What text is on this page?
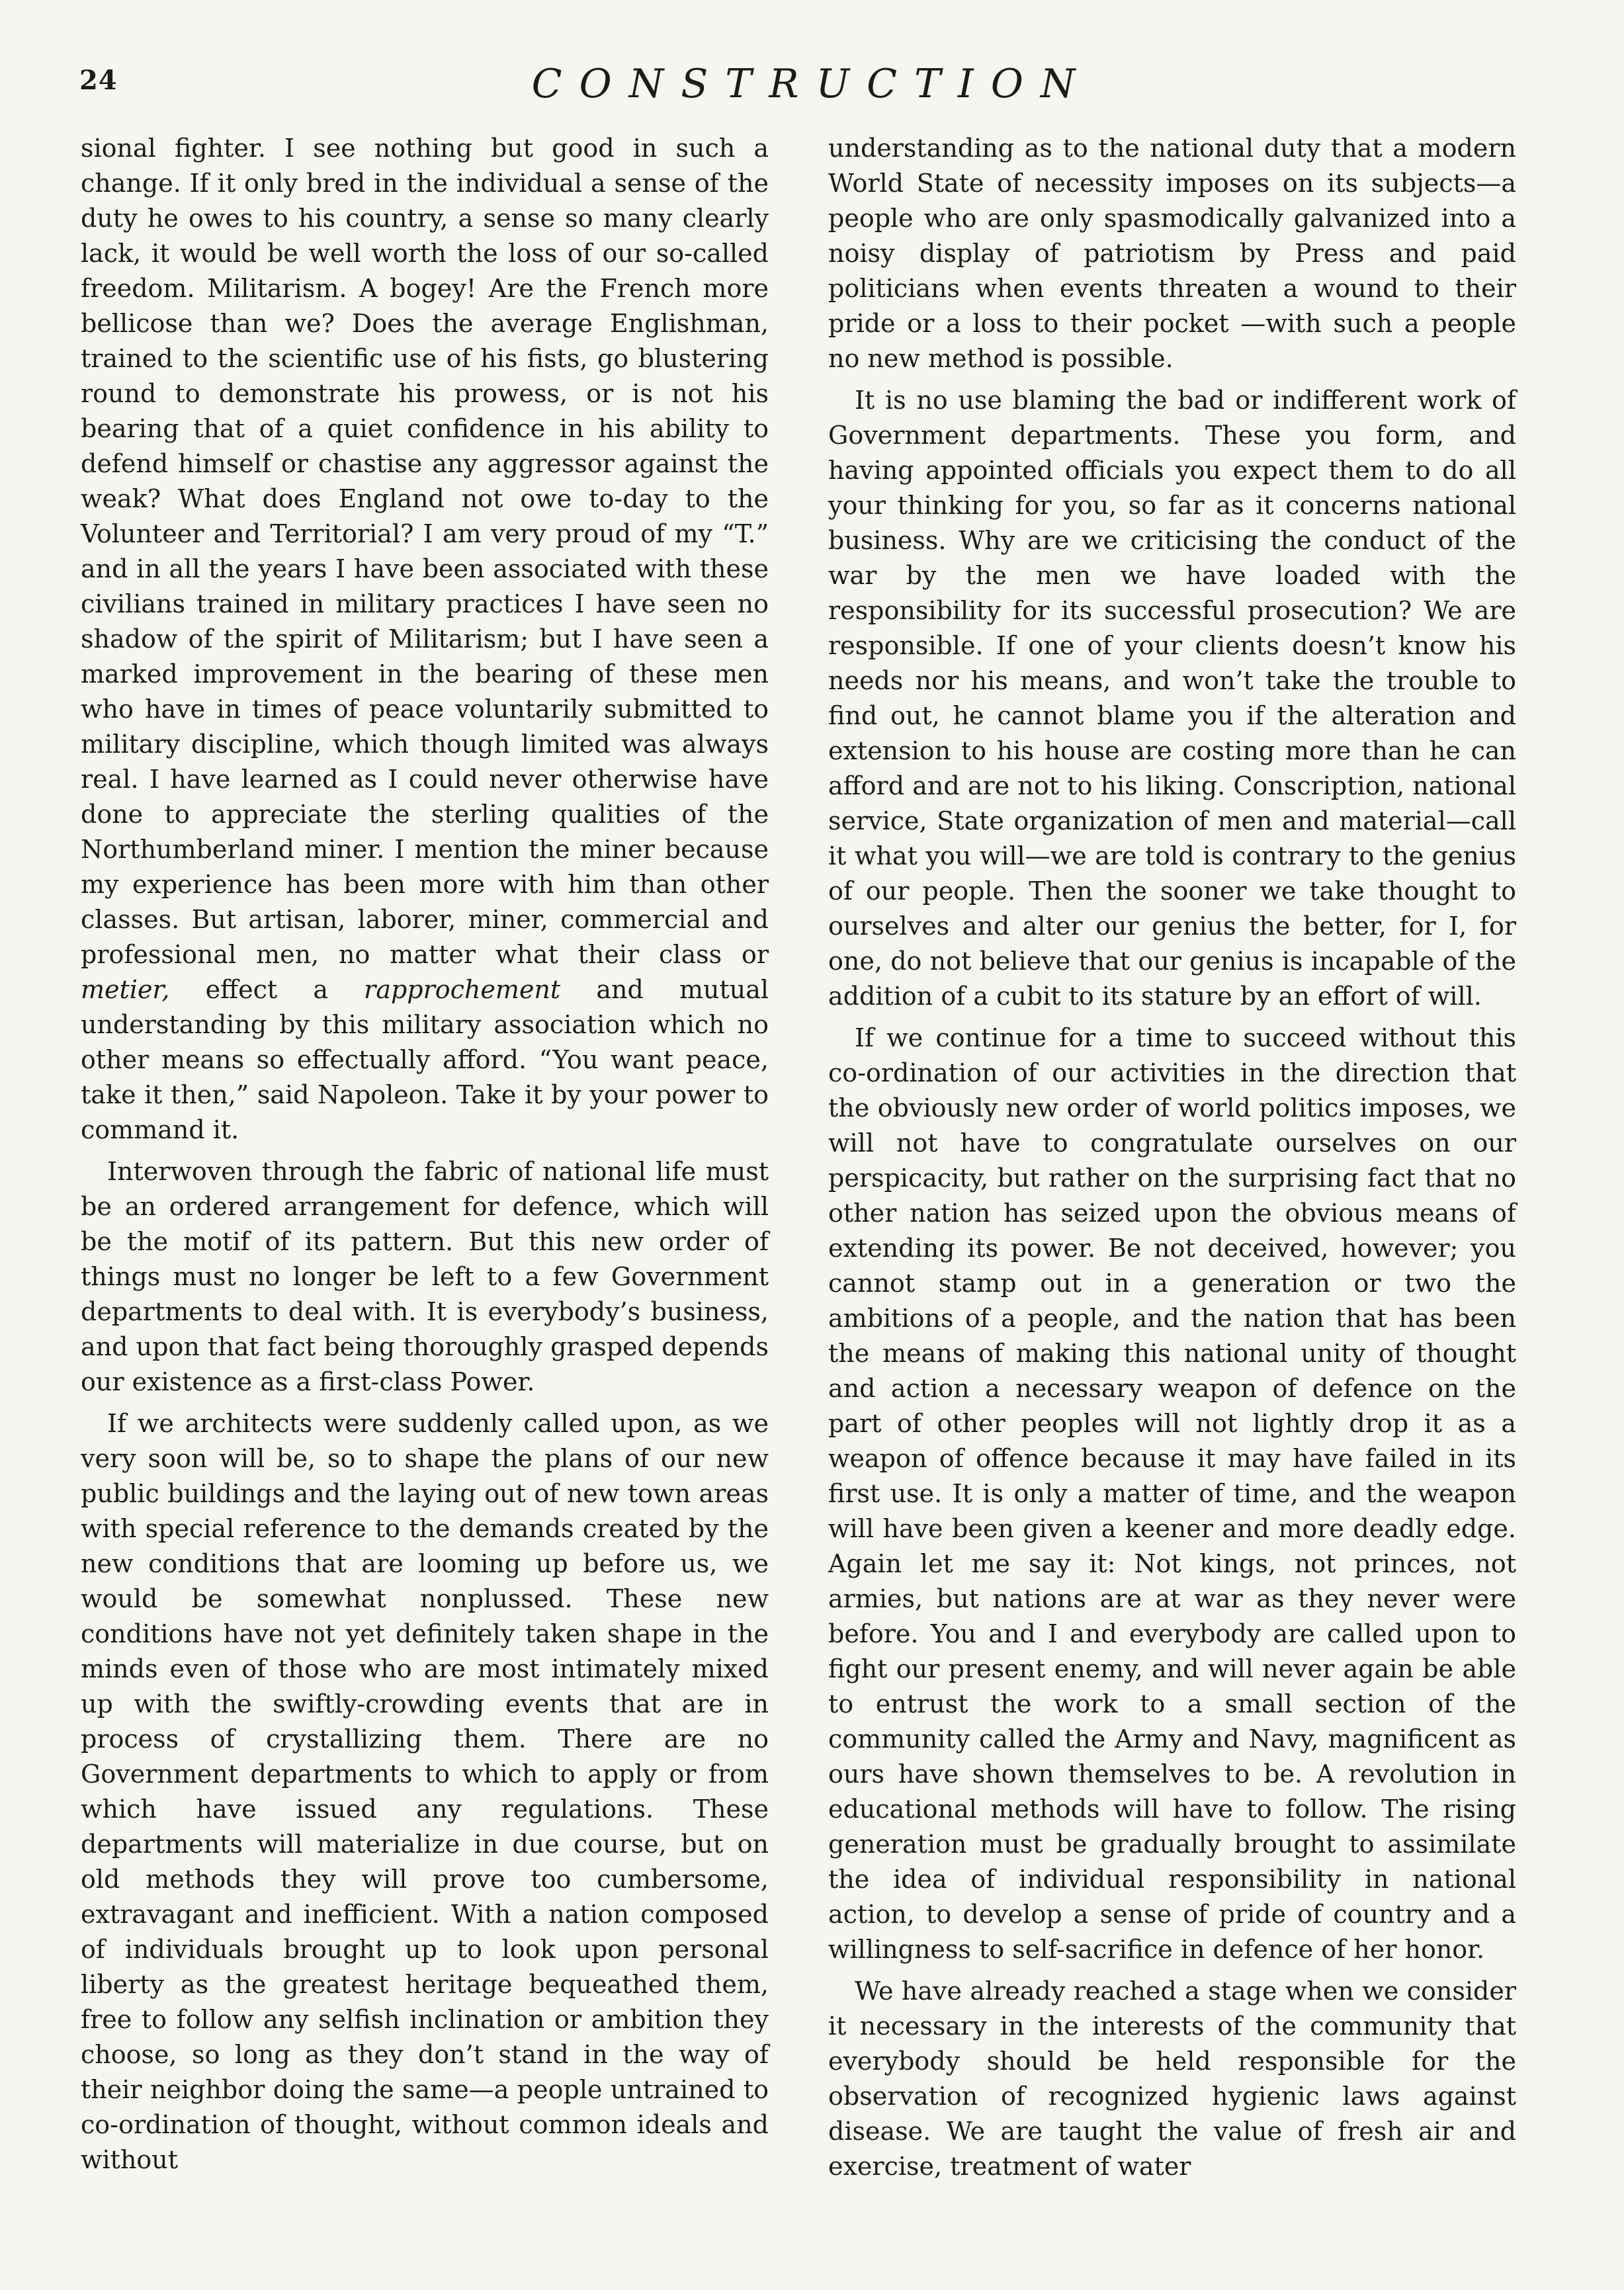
24	CONSTRUCTION

sional fighter. I see nothing but good in such a change. If it only bred in the individual a sense of the duty he owes to his country, a sense so many clearly lack, it would be well worth the loss of our so-called freedom. Militarism. A bogey! Are the French more bellicose than we? Does the average Englishman, trained to the scientific use of his fists, go blustering round to demonstrate his prowess, or is not his bearing that of a quiet confidence in his ability to defend himself or chastise any aggressor against the weak? What does England not owe to-day to the Volunteer and Territorial? I am very proud of my “T.” and in all the years I have been associated with these civilians trained in military practices I have seen no shadow of the spirit of Militarism; but I have seen a marked improvement in the bearing of these men who have in times of peace voluntarily submitted to military discipline, which though limited was always real. I have learned as I could never otherwise have done to appreciate the sterling qualities of the Northumberland miner. I mention the miner because my experience has been more with him than other classes. But artisan, laborer, miner, commercial and professional men, no matter what their class or metier, effect a rapprochement and mutual understanding by this military association which no other means so effectually afford. “You want peace, take it then,” said Napoleon. Take it by your power to command it.

Interwoven through the fabric of national life must be an ordered arrangement for defence, which will be the motif of its pattern. But this new order of things must no longer be left to a few Government departments to deal with. It is everybody’s business, and upon that fact being thoroughly grasped depends our existence as a first-class Power.

If we architects were suddenly called upon, as we very soon will be, so to shape the plans of our new public buildings and the laying out of new town areas with special reference to the demands created by the new conditions that are looming up before us, we would be somewhat nonplussed. These new conditions have not yet definitely taken shape in the minds even of those who are most intimately mixed up with the swiftly-crowding events that are in process of crystallizing them. There are no Government departments to which to apply or from which have issued any regulations. These departments will materialize in due course, but on old methods they will prove too cumbersome, extravagant and inefficient. With a nation composed of individuals brought up to look upon personal liberty as the greatest heritage bequeathed them, free to follow any selfish inclination or ambition they choose, so long as they don’t stand in the way of their neighbor doing the same—a people untrained to co-ordination of thought, without common ideals and without

understanding as to the national duty that a modern World State of necessity imposes on its subjects—a people who are only spasmodically galvanized into a noisy display of patriotism by Press and paid politicians when events threaten a wound to their pride or a loss to their pocket —with such a people no new method is possible.

It is no use blaming the bad or indifferent work of Government departments. These you form, and having appointed officials you expect them to do all your thinking for you, so far as it concerns national business. Why are we criticising the conduct of the war by the men we have loaded with the responsibility for its successful prosecution? We are responsible. If one of your clients doesn’t know his needs nor his means, and won’t take the trouble to find out, he cannot blame you if the alteration and extension to his house are costing more than he can afford and are not to his liking. Conscription, national service, State organization of men and material—call it what you will—we are told is contrary to the genius of our people. Then the sooner we take thought to ourselves and alter our genius the better, for I, for one, do not believe that our genius is incapable of the addition of a cubit to its stature by an effort of will.

If we continue for a time to succeed without this co-ordination of our activities in the direction that the obviously new order of world politics imposes, we will not have to congratulate ourselves on our perspicacity, but rather on the surprising fact that no other nation has seized upon the obvious means of extending its power. Be not deceived, however; you cannot stamp out in a generation or two the ambitions of a people, and the nation that has been the means of making this national unity of thought and action a necessary weapon of defence on the part of other peoples will not lightly drop it as a weapon of offence because it may have failed in its first use. It is only a matter of time, and the weapon will have been given a keener and more deadly edge. Again let me say it: Not kings, not princes, not armies, but nations are at war as they never were before. You and I and everybody are called upon to fight our present enemy, and will never again be able to entrust the work to a small section of the community called the Army and Navy, magnificent as ours have shown themselves to be. A revolution in educational methods will have to follow. The rising generation must be gradually brought to assimilate the idea of individual responsibility in national action, to develop a sense of pride of country and a willingness to self-sacrifice in defence of her honor.

We have already reached a stage when we consider it necessary in the interests of the community that everybody should be held responsible for the observation of recognized hygienic laws against disease. We are taught the value of fresh air and exercise, treatment of water
